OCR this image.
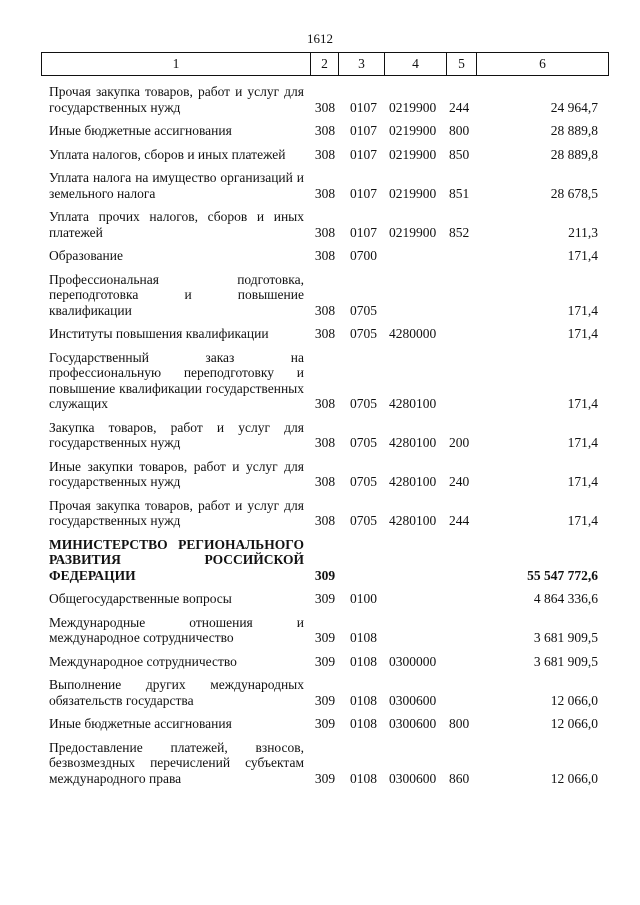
1612
1	2	3	4	5	6
Прочая закупка товаров, работ и услуг для государственных нужд	308	0107	0219900	244	24 964,7
Иные бюджетные ассигнования	308	0107	0219900	800	28 889,8
Уплата налогов, сборов и иных платежей	308	0107	0219900	850	28 889,8
Уплата налога на имущество организаций и земельного налога	308	0107	0219900	851	28 678,5
Уплата прочих налогов, сборов и иных платежей	308	0107	0219900	852	211,3
Образование	308	0700			171,4
Профессиональная подготовка, переподготовка и повышение квалификации	308	0705			171,4
Институты повышения квалификации	308	0705	4280000		171,4
Государственный заказ на профессиональную переподготовку и повышение квалификации государственных служащих	308	0705	4280100		171,4
Закупка товаров, работ и услуг для государственных нужд	308	0705	4280100	200	171,4
Иные закупки товаров, работ и услуг для государственных нужд	308	0705	4280100	240	171,4
Прочая закупка товаров, работ и услуг для государственных нужд	308	0705	4280100	244	171,4
МИНИСТЕРСТВО РЕГИОНАЛЬНОГО РАЗВИТИЯ РОССИЙСКОЙ ФЕДЕРАЦИИ	309				55 547 772,6
Общегосударственные вопросы	309	0100			4 864 336,6
Международные отношения и международное сотрудничество	309	0108			3 681 909,5
Международное сотрудничество	309	0108	0300000		3 681 909,5
Выполнение других международных обязательств государства	309	0108	0300600		12 066,0
Иные бюджетные ассигнования	309	0108	0300600	800	12 066,0
Предоставление платежей, взносов, безвозмездных перечислений субъектам международного права	309	0108	0300600	860	12 066,0
